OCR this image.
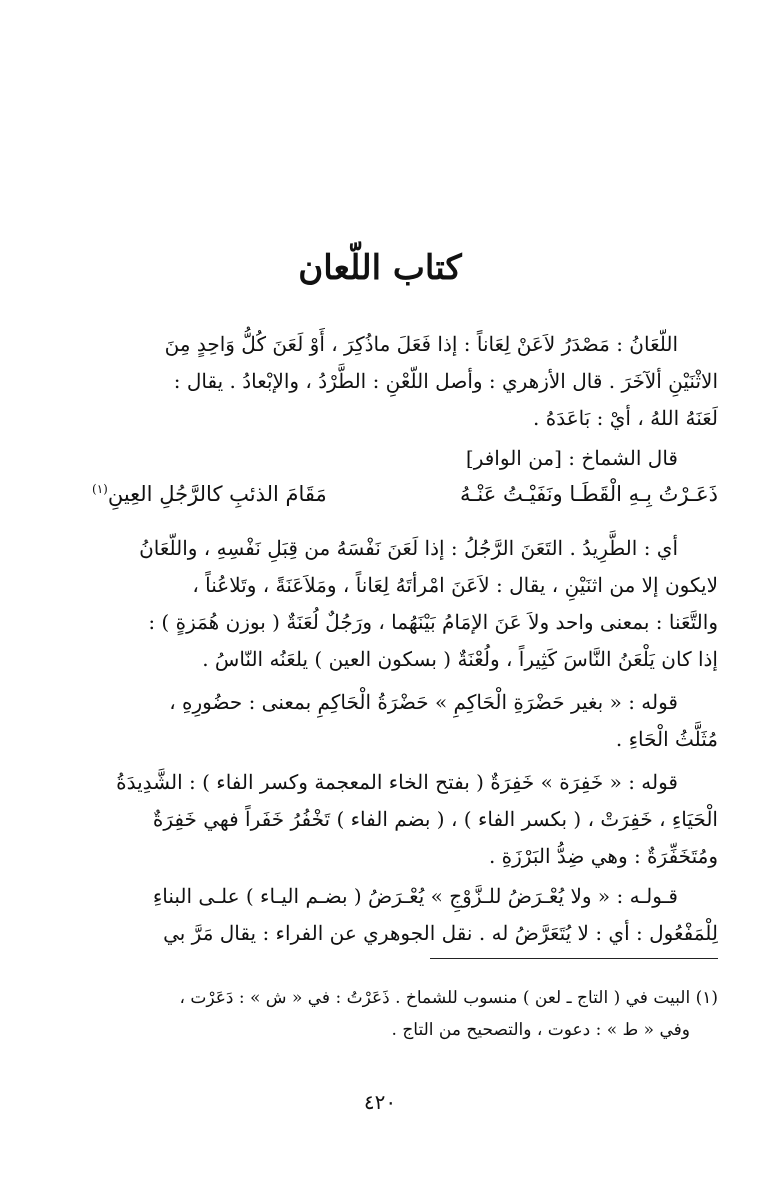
كتاب اللّعان
اللّعَانُ : مَصْدَرُ لاَعَنْ لِعَاناً : إذا فَعَلَ ماذُكِرَ ، أَوْ لَعَنَ كُلُّ وَاحِدٍ مِنَ
الاثْنَيْنِ ألآخَرَ . قال الأزهري : وأصل اللّعْنِ : الطَّرْدُ ، والإبْعادُ . يقال :
لَعَنَهُ اللهُ ، أيْ : بَاعَدَهُ .
قال الشماخ : [من الوافر]
ذَعَـرْتُ بِـهِ الْقَطَـا ونَفَيْـتُ عَنْـهُ
مَقَامَ الذئبِ كالرَّجُلِ العِينِ$^{(١)}$
أي : الطَّرِيدُ . التَعَنَ الرَّجُلُ : إذا لَعَنَ نَفْسَهُ من قِبَلِ نَفْسِهِ ، واللّعَانُ
لايكون إلا من اثنَيْنِ ، يقال : لاَعَنَ امْرأتَهُ لِعَاناً ، ومَلاَعَنَةً ، وتَلاعُناً ،
والتَّعَنا : بمعنى واحد ولاَ عَنَ الإمَامُ بَيْنَهُما ، ورَجُلٌ لُعَنَةٌ ( بوزن هُمَزةٍ ) :
إذا كان يَلْعَنُ النَّاسَ كَثِيراً ، ولُعْنَةٌ ( بسكون العين ) يلعَنُه النّاسُ .
قوله : « بغير حَضْرَةِ الْحَاكِمِ » حَضْرَةُ الْحَاكِمِ بمعنى : حضُورِهِ ،
مُثَلَّثُ الْحَاءِ .
قوله : « خَفِرَة » خَفِرَةٌ ( بفتح الخاء المعجمة وكسر الفاء ) : الشَّدِيدَةُ
الْحَيَاءِ ، خَفِرَتْ ، ( بكسر الفاء ) ، ( بضم الفاء ) تَخْفُرُ خَفَراً فهي خَفِرَةٌ
ومُتَخَفِّرَةٌ : وهي ضِدُّ البَرْزَةِ .
قـولـه : « ولا يُعْـرَضُ للـزَّوْجِ » يُعْـرَضُ ( بضـم اليـاء ) علـى البناءِ
لِلْمَفْعُول : أي : لا يُتَعَرَّضُ له . نقل الجوهري عن الفراء : يقال مَرَّ بي
(١) البيت في ( التاج ـ لعن ) منسوب للشماخ . ذَعَرْتُ : في « ش » : دَعَرْت ،
وفي « ط » : دعوت ، والتصحيح من التاج .
٤٢٠
